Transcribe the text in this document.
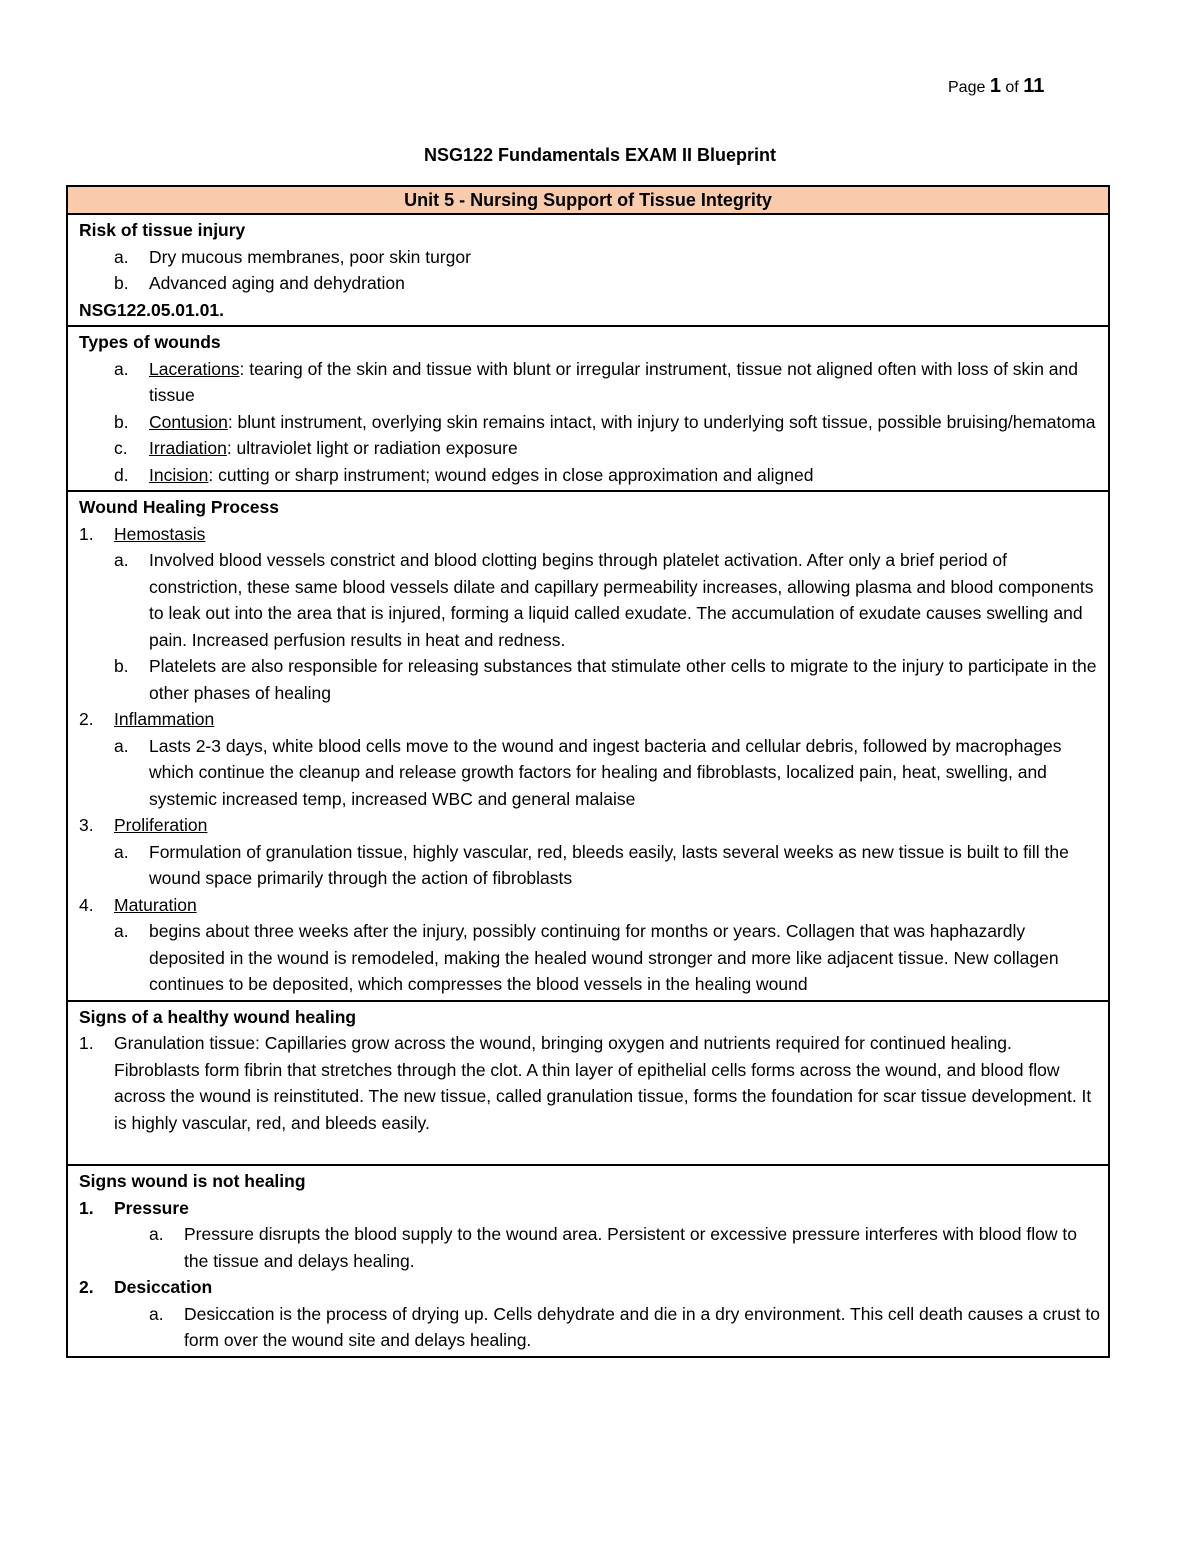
Page 1 of 11
NSG122 Fundamentals EXAM II Blueprint
Unit 5 - Nursing Support of Tissue Integrity
Risk of tissue injury
a.	Dry mucous membranes, poor skin turgor
b.	Advanced aging and dehydration
NSG122.05.01.01.
Types of wounds
a.	Lacerations: tearing of the skin and tissue with blunt or irregular instrument, tissue not aligned often with loss of skin and tissue
b.	Contusion: blunt instrument, overlying skin remains intact, with injury to underlying soft tissue, possible bruising/hematoma
c.	Irradiation: ultraviolet light or radiation exposure
d.	Incision: cutting or sharp instrument; wound edges in close approximation and aligned
Wound Healing Process
1.	Hemostasis
a.	Involved blood vessels constrict and blood clotting begins through platelet activation. After only a brief period of constriction, these same blood vessels dilate and capillary permeability increases, allowing plasma and blood components to leak out into the area that is injured, forming a liquid called exudate. The accumulation of exudate causes swelling and pain. Increased perfusion results in heat and redness.
b.	Platelets are also responsible for releasing substances that stimulate other cells to migrate to the injury to participate in the other phases of healing
2.	Inflammation
a.	Lasts 2-3 days, white blood cells move to the wound and ingest bacteria and cellular debris, followed by macrophages which continue the cleanup and release growth factors for healing and fibroblasts, localized pain, heat, swelling, and systemic increased temp, increased WBC and general malaise
3.	Proliferation
a.	Formulation of granulation tissue, highly vascular, red, bleeds easily, lasts several weeks as new tissue is built to fill the wound space primarily through the action of fibroblasts
4.	Maturation
a.	begins about three weeks after the injury, possibly continuing for months or years. Collagen that was haphazardly deposited in the wound is remodeled, making the healed wound stronger and more like adjacent tissue. New collagen continues to be deposited, which compresses the blood vessels in the healing wound
Signs of a healthy wound healing
1.	Granulation tissue: Capillaries grow across the wound, bringing oxygen and nutrients required for continued healing. Fibroblasts form fibrin that stretches through the clot. A thin layer of epithelial cells forms across the wound, and blood flow across the wound is reinstituted. The new tissue, called granulation tissue, forms the foundation for scar tissue development. It is highly vascular, red, and bleeds easily.
Signs wound is not healing
1.	Pressure
a.	Pressure disrupts the blood supply to the wound area. Persistent or excessive pressure interferes with blood flow to the tissue and delays healing.
2.	Desiccation
a.	Desiccation is the process of drying up. Cells dehydrate and die in a dry environment. This cell death causes a crust to form over the wound site and delays healing.
